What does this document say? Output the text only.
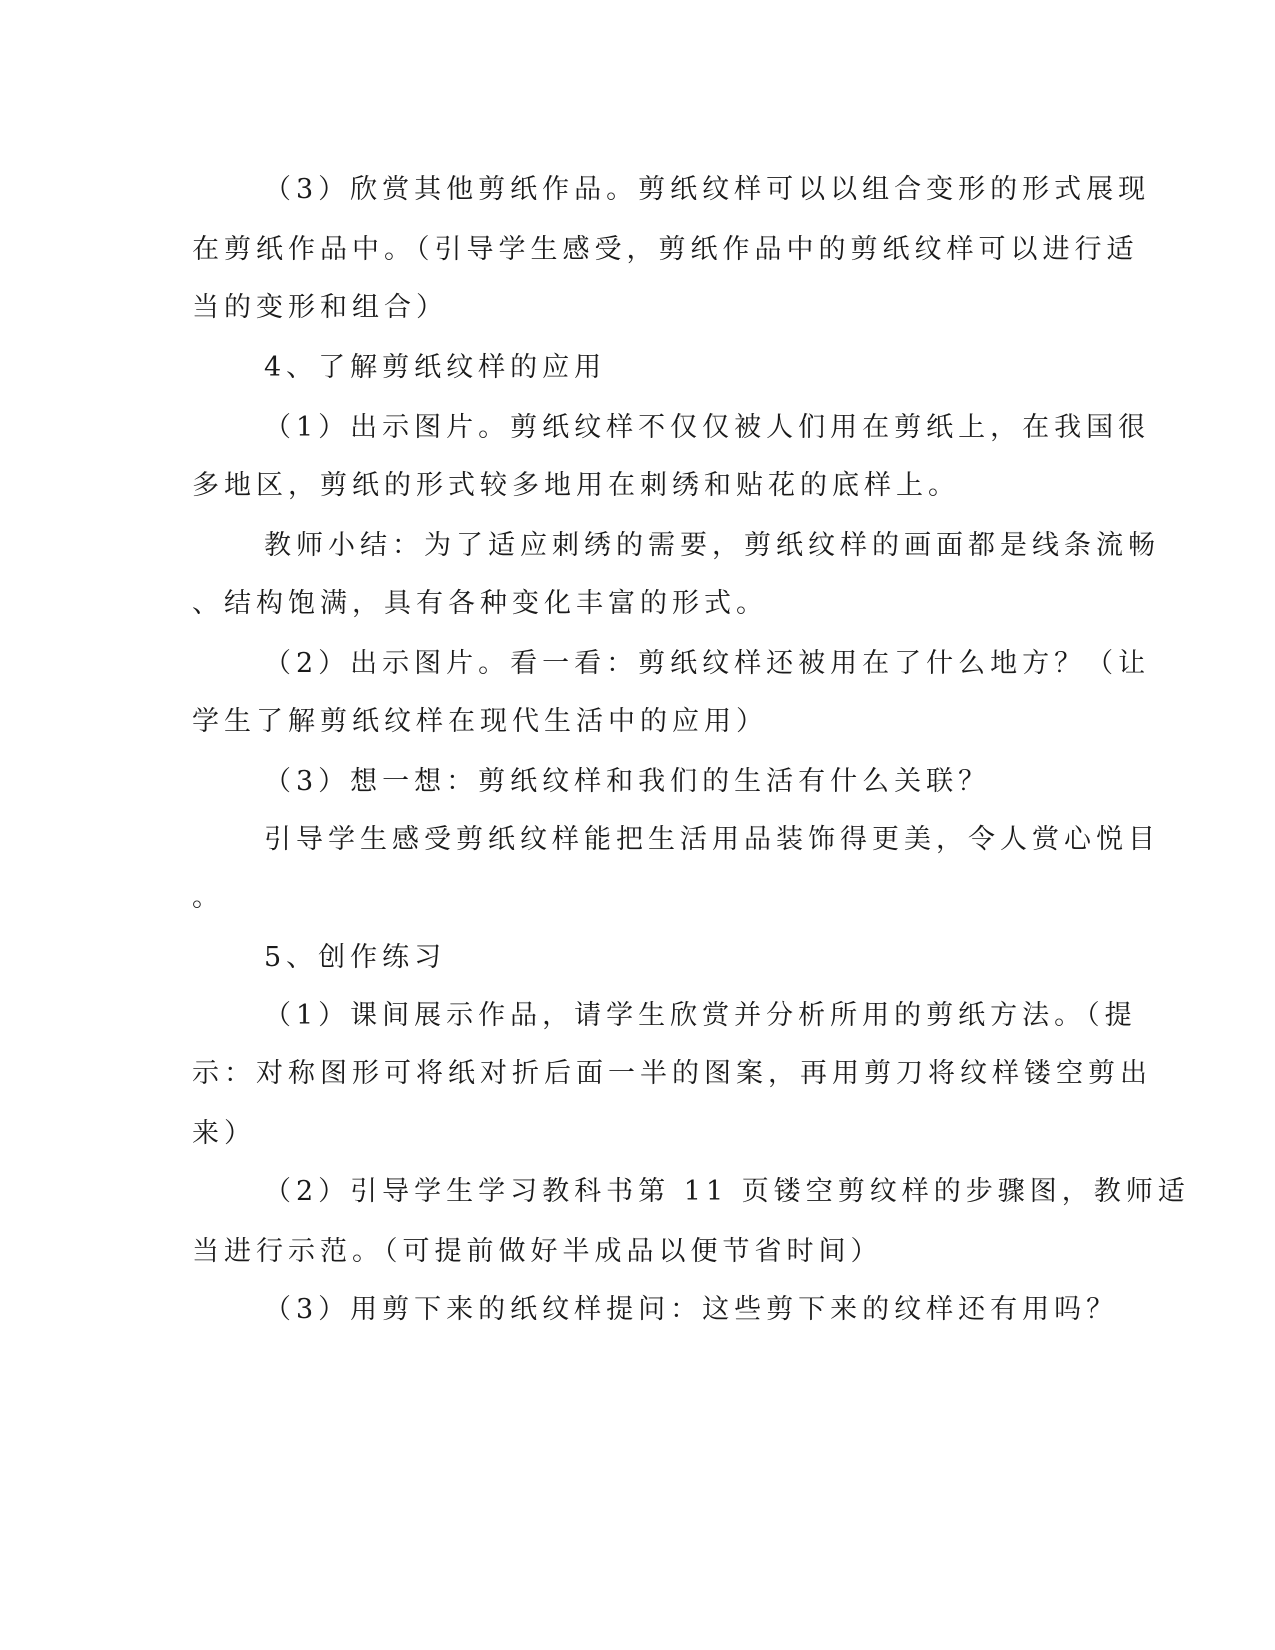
（3）欣赏其他剪纸作品。剪纸纹样可以以组合变形的形式展现
在剪纸作品中。（引导学生感受，剪纸作品中的剪纸纹样可以进行适
当的变形和组合）
4、了解剪纸纹样的应用
（1）出示图片。剪纸纹样不仅仅被人们用在剪纸上，在我国很
多地区，剪纸的形式较多地用在刺绣和贴花的底样上。
教师小结：为了适应刺绣的需要，剪纸纹样的画面都是线条流畅
、结构饱满，具有各种变化丰富的形式。
（2）出示图片。看一看：剪纸纹样还被用在了什么地方？（让
学生了解剪纸纹样在现代生活中的应用）
（3）想一想：剪纸纹样和我们的生活有什么关联？
引导学生感受剪纸纹样能把生活用品装饰得更美，令人赏心悦目
。
5、创作练习
（1）课间展示作品，请学生欣赏并分析所用的剪纸方法。（提
示：对称图形可将纸对折后面一半的图案，再用剪刀将纹样镂空剪出
来）
（2）引导学生学习教科书第 11 页镂空剪纹样的步骤图，教师适
当进行示范。（可提前做好半成品以便节省时间）
（3）用剪下来的纸纹样提问：这些剪下来的纹样还有用吗？
